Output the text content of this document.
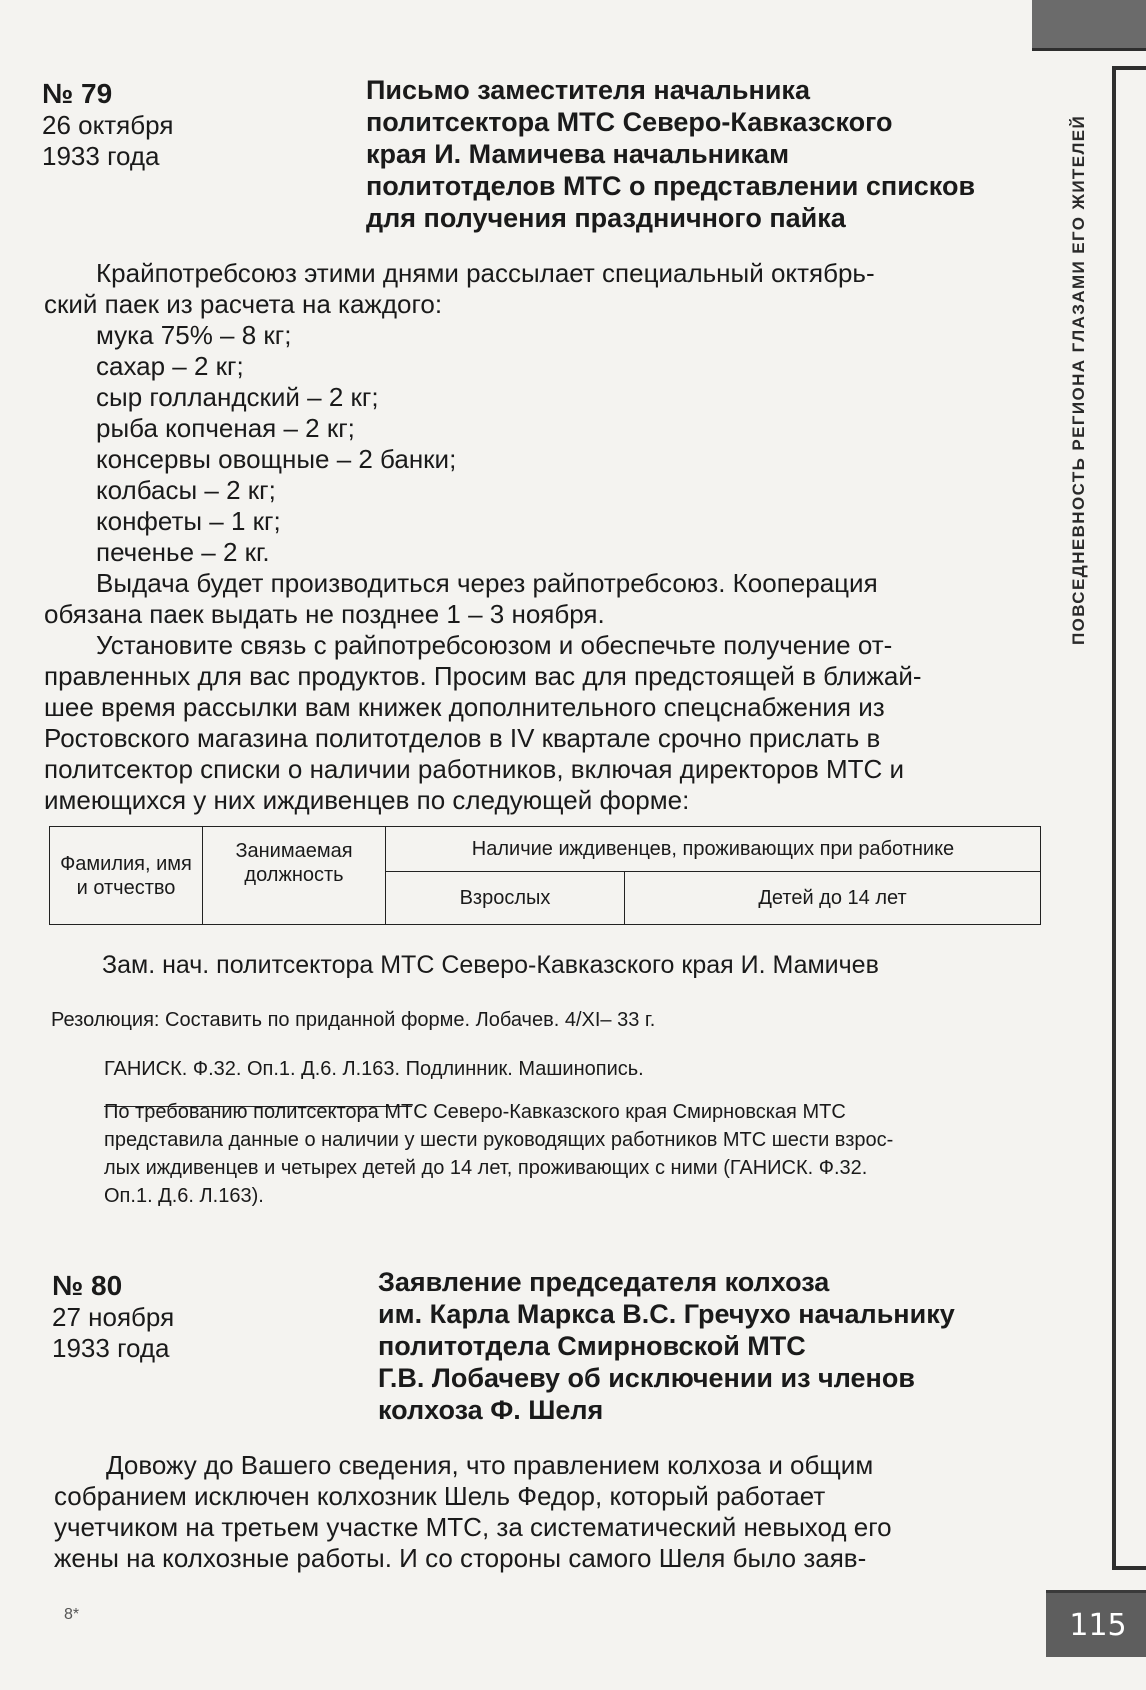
ПОВСЕДНЕВНОСТЬ РЕГИОНА ГЛАЗАМИ ЕГО ЖИТЕЛЕЙ
115
8*
№ 79
26 октября
1933 года
Письмо заместителя начальника
политсектора МТС Северо-Кавказского
края И. Мамичева начальникам
политотделов МТС о представлении списков
для получения праздничного пайка
Крайпотребсоюз этими днями рассылает специальный октябрь-
ский паек из расчета на каждого:
мука 75% – 8 кг;
сахар – 2 кг;
сыр голландский – 2 кг;
рыба копченая – 2 кг;
консервы овощные – 2 банки;
колбасы – 2 кг;
конфеты – 1 кг;
печенье – 2 кг.
Выдача будет производиться через райпотребсоюз. Кооперация
обязана паек выдать не позднее 1 – 3 ноября.
Установите связь с райпотребсоюзом и обеспечьте получение от-
правленных для вас продуктов. Просим вас для предстоящей в ближай-
шее время рассылки вам книжек дополнительного спецснабжения из
Ростовского магазина политотделов в IV квартале срочно прислать в
политсектор списки о наличии работников, включая директоров МТС и
имеющихся у них иждивенцев по следующей форме:
Фамилия, имя и отчество	Занимаемая должность	Наличие иждивенцев, проживающих при работнике	
		Взрослых	Детей до 14 лет
Зам. нач. политсектора МТС Северо-Кавказского края И. Мамичев
Резолюция: Составить по приданной форме. Лобачев. 4/XI– 33 г.
ГАНИСК. Ф.32. Оп.1. Д.6. Л.163. Подлинник. Машинопись.
По требованию политсектора МТС Северо-Кавказского края Смирновская МТС
представила данные о наличии у шести руководящих работников МТС шести взрос-
лых иждивенцев и четырех детей до 14 лет, проживающих с ними (ГАНИСК. Ф.32.
Оп.1. Д.6. Л.163).
№ 80
27 ноября
1933 года
Заявление председателя колхоза
им. Карла Маркса В.С. Гречухо начальнику
политотдела Смирновской МТС
Г.В. Лобачеву об исключении из членов
колхоза Ф. Шеля
Довожу до Вашего сведения, что правлением колхоза и общим
собранием исключен колхозник Шель Федор, который работает
учетчиком на третьем участке МТС, за систематический невыход его
жены на колхозные работы. И со стороны самого Шеля было заяв-
